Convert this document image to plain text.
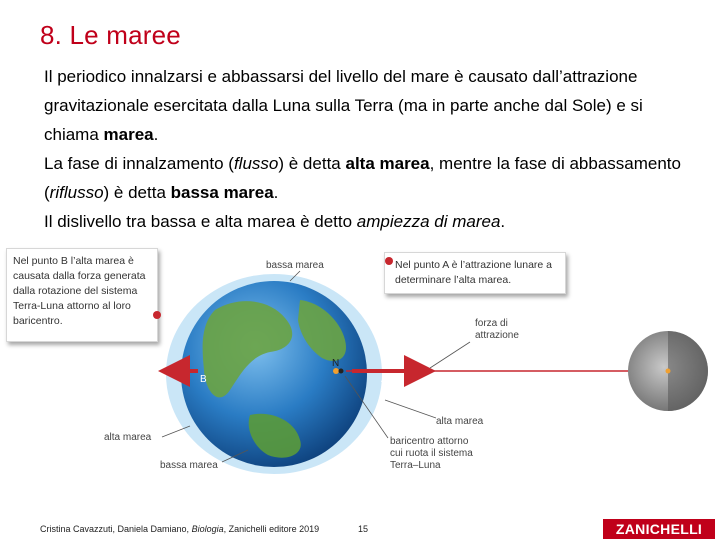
8. Le maree

Il periodico innalzarsi e abbassarsi del livello del mare è causato dall’attrazione gravitazionale esercitata dalla Luna sulla Terra (ma in parte anche dal Sole) e si chiama marea.

La fase di innalzamento (flusso) è detta alta marea, mentre la fase di abbassamento (riflusso) è detta bassa marea.

Il dislivello tra bassa e alta marea è detto ampiezza di marea.

Nel punto B l’alta marea è causata dalla forza generata dalla rotazione del sistema Terra-Luna attorno al loro baricentro.
Nel punto A è l’attrazione lunare a determinare l’alta marea.
bassa marea
forza di
attrazione
N
B	A
alta marea
alta marea	baricentro attorno
cui ruota il sistema
Terra–Luna
bassa marea
Cristina Cavazzuti, Daniela Damiano, Biologia, Zanichelli editore 2019	15	ZANICHELLI
